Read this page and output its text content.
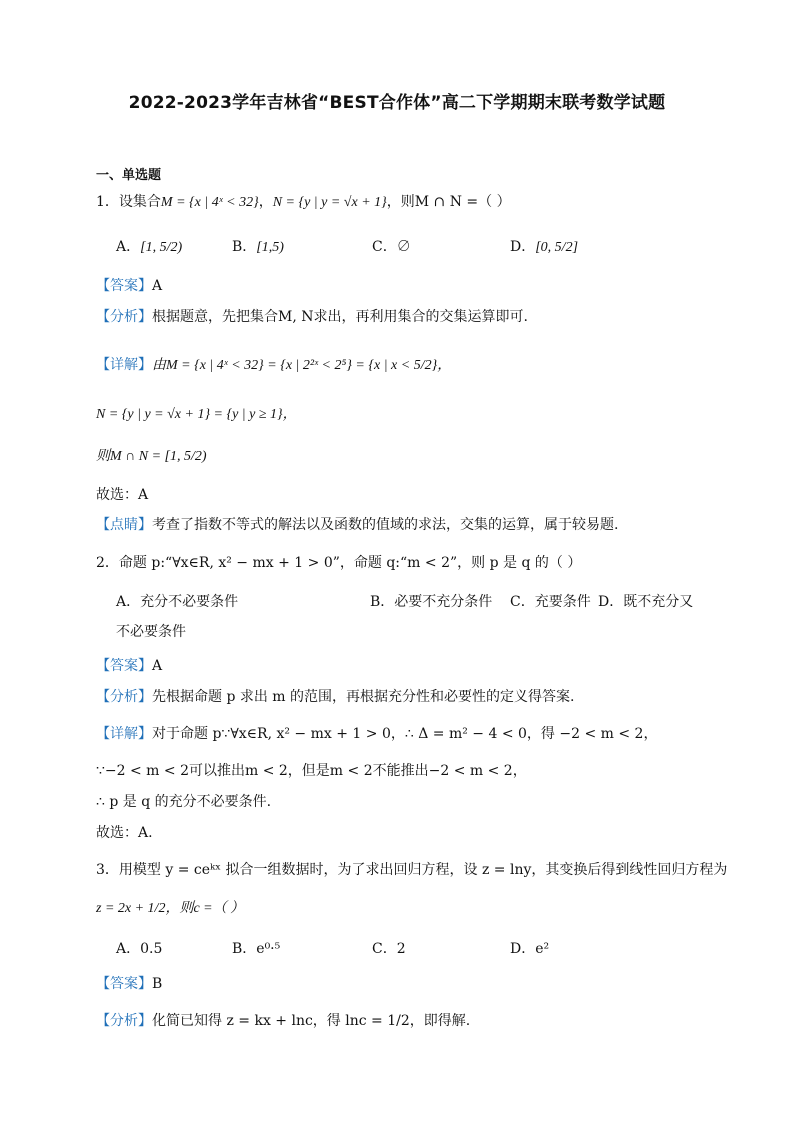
2022-2023学年吉林省“BEST合作体”高二下学期期末联考数学试题
一、单选题
1．设集合M = {x | 4ˣ < 32}，N = {y | y = √x + 1}，则M ∩ N =（ ）
A．[1, 5/2)	B．[1,5)	C．∅	D．[0, 5/2]
【答案】A
【分析】根据题意，先把集合M, N求出，再利用集合的交集运算即可.
【详解】由M = {x | 4ˣ < 32} = {x | 2²ˣ < 2⁵} = {x | x < 5/2}，
N = {y | y = √x + 1} = {y | y ≥ 1}，
则M ∩ N = [1, 5/2)
故选：A
【点睛】考查了指数不等式的解法以及函数的值域的求法，交集的运算，属于较易题.
2．命题 p:“∀x∈R, x² − mx + 1 > 0”，命题 q:“m < 2”，则 p 是 q 的（ ）
A．充分不必要条件	B．必要不充分条件 C．充要条件 D．既不充分又
不必要条件
【答案】A
【分析】先根据命题 p 求出 m 的范围，再根据充分性和必要性的定义得答案.
【详解】对于命题 p∵∀x∈R, x² − mx + 1 > 0，∴ Δ = m² − 4 < 0，得 −2 < m < 2，
∵−2 < m < 2可以推出m < 2，但是m < 2不能推出−2 < m < 2，
∴ p 是 q 的充分不必要条件.
故选：A.
3．用模型 y = ceᵏˣ 拟合一组数据时，为了求出回归方程，设 z = lny，其变换后得到线性回归方程为
z = 2x + 1/2，则c =（ ）
A．0.5	B．e⁰·⁵	C．2	D．e²
【答案】B
【分析】化简已知得 z = kx + lnc，得 lnc = 1/2，即得解.
